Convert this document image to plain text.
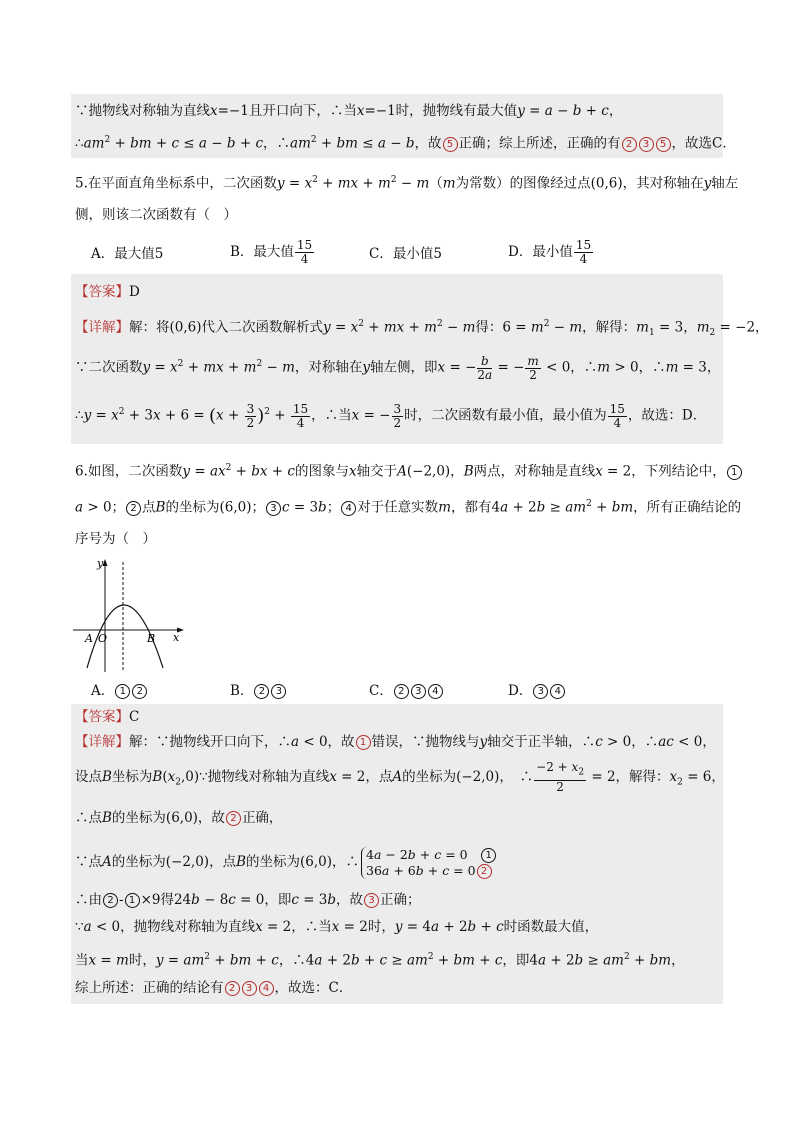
∵抛物线对称轴为直线x=−1且开口向下，∴当x=−1时，抛物线有最大值y = a − b + c，
$\therefore am^2$ + bm + c ≤ a − b + c，$\therefore am^2$ + bm ≤ a − b，故 5 正确；综上所述，正确的有 2 3 5 ，故选C．
5.在平面直角坐标系中，二次函数$y = x^2$ + mx + $m^2 - m(m$为常数）的图像经过点(0,6)，其对称轴在y轴左
侧，则该二次函数有（　）
A．最大值5	B．最大值 $\frac{15}{4}$	C．最小值5	D．最小值 $\frac{15}{4}$
【答案】D
【详解】解：将(0,6)代入二次函数解析式$y = x^2$ + mx + $m^2 - m$得：$6 = m^2 - m$，解得：$m_1 = 3$，$m_2 = -2$，
∵二次函数$y = x^2$ + mx + $m^2 - m$，对称轴在y轴左侧，即x = − $\frac{b}{2a}$ = − $\frac{m}{2} < 0$，∴m > 0，∴m = 3，
∴y = $x^2 + 3x + 6 = (x + \frac{3}{2} )^2 + \frac{15}{4}$ ，∴当x = − $\frac{3}{2}$ 时，二次函数有最小值，最小值为 $\frac{15}{4}$ ，故选：D．
6.如图，二次函数$y = ax^2$ + bx + c的图象与x轴交于A(−2,0)，B两点，对称轴是直线x = 2，下列结论中， 1
a > 0； 2 点B的坐标为(6,0)； 3 c = 3b； 4 对于任意实数m，都有$4a + 2b \ge am^2$ + bm，所有正确结论的
序号为（　）
y
x
A O	B
A． 1 2	B． 2 3	C． 2 3 4	D． 3 4
【答案】C
【详解】解：∵抛物线开口向下，∴a < 0，故 1 错误，∵抛物线与y轴交于正半轴，∴c > 0，∴ac < 0，
设点B坐标为$B(x_2,0)\because$抛物线对称轴为直线x = 2，点A的坐标为(−2,0)，　∴ $\frac{-2 + x_2}{2} = 2$，解得：$x_2 = 6$，
∴点B的坐标为(6,0)，故 2 正确，
∵点A的坐标为(−2,0)，点B的坐标为(6,0)，∴ 4a − 2b + c = 0　1
36a + 6b + c = 0 2
∴由 2 - 1 ×9得24b − 8c = 0，即c = 3b，故 3 正确；
∵a < 0，抛物线对称轴为直线x = 2，∴当x = 2时，y = 4a + 2b + c时函数最大值，
当x = m时，$y = am^2$ + bm + c，∴4a + $2b + c \ge am^2$ + bm + c，即$4a + 2b \ge am^2$ + bm，
综上所述：正确的结论有 2 3 4 ，故选：C．
